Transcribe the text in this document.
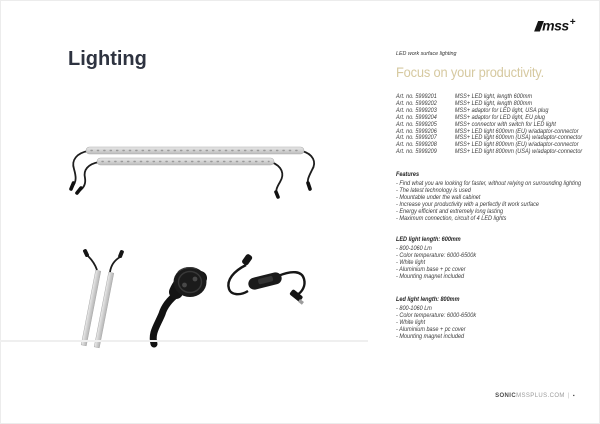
//// mss+
Lighting	LED work surface lighting
Focus on your productivity.
Art. no. 5999201	MSS+ LED light, length 600mm
Art. no. 5999202	MSS+ LED light, length 800mm
Art. no. 5999203	MSS+ adaptor for LED light, USA plug
Art. no. 5999204	MSS+ adaptor for LED light, EU plug
Art. no. 5999205	MSS+ connector with switch for LED light
Art. no. 5999206	MSS+ LED light 600mm (EU) w/adaptor-connector
Art. no. 5999207	MSS+ LED light 600mm (USA) w/adaptor-connector
Art. no. 5999208	MSS+ LED light 800mm (EU) w/adaptor-connector
Art. no. 5999209	MSS+ LED light 800mm (USA) w/adaptor-connector
Features
- Find what you are looking for faster, without relying on surrounding lighting
- The latest technology is used
- Mountable under the wall cabinet
- Increase your productivity with a perfectly lit work surface
- Energy efficient and extremely long lasting
- Maximum connection, circuit of 4 LED lights
LED light length: 600mm
- 800-1060 Lm
- Color temperature: 6000-6500k
- White light
- Aluminium base + pc cover
- Mounting magnet included
Led light length: 800mm
- 800-1060 Lm
- Color temperature: 6000-6500k
- White light
- Aluminium base + pc cover
- Mounting magnet included
SONICMSSPLUS.COM | ▪
